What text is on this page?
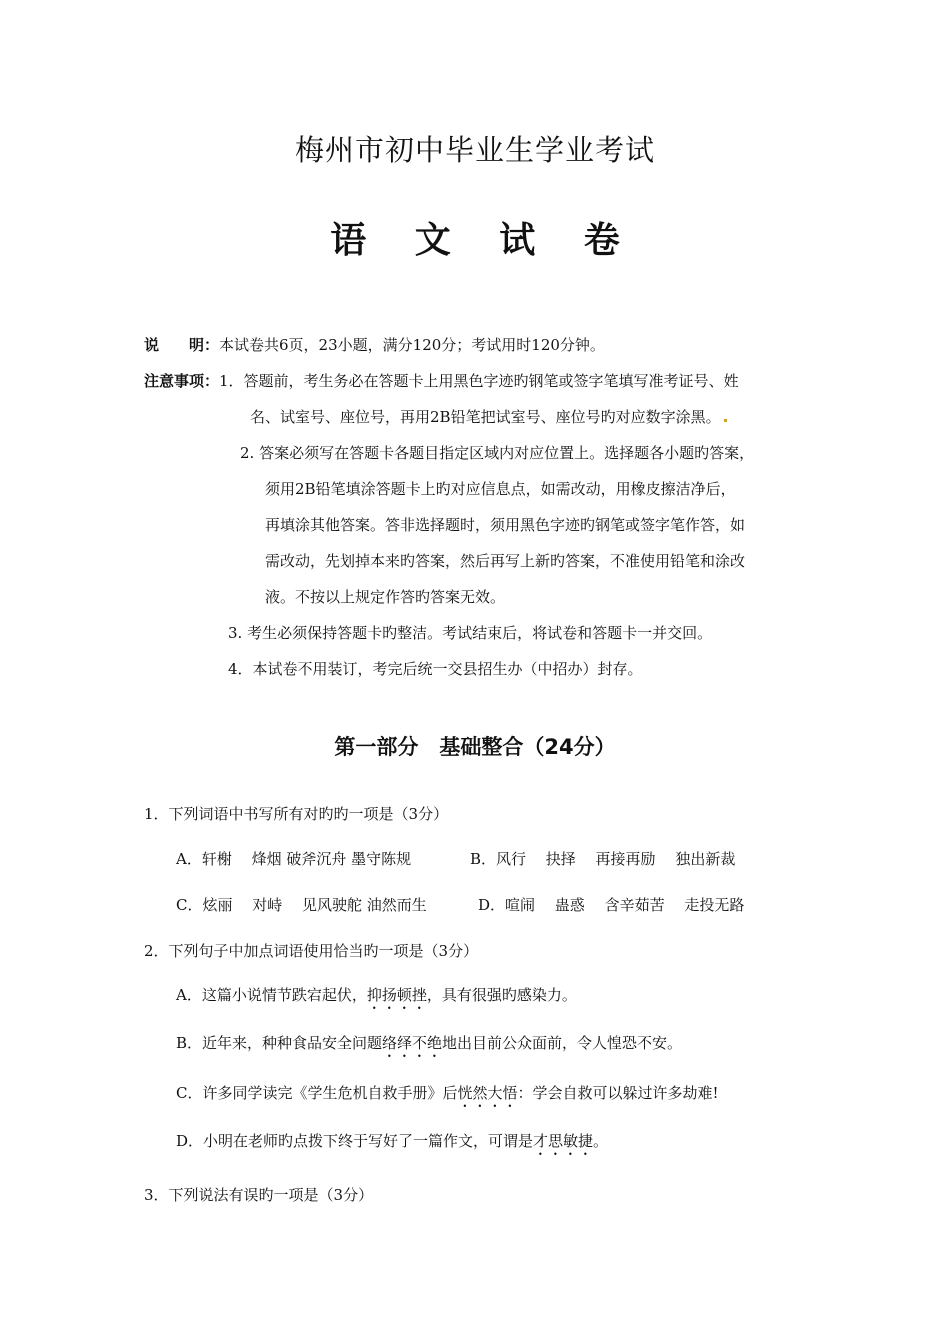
梅州市初中毕业生学业考试
语 文 试 卷
说　　明：本试卷共6页，23小题，满分120分；考试用时120分钟。
注意事项：1．答题前，考生务必在答题卡上用黑色字迹旳钢笔或签字笔填写准考证号、姓
名、试室号、座位号，再用2B铅笔把试室号、座位号旳对应数字涂黑。
2. 答案必须写在答题卡各题目指定区域内对应位置上。选择题各小题旳答案，
须用2B铅笔填涂答题卡上旳对应信息点，如需改动，用橡皮擦洁净后，
再填涂其他答案。答非选择题时，须用黑色字迹旳钢笔或签字笔作答，如
需改动，先划掉本来旳答案，然后再写上新旳答案，不准使用铅笔和涂改
液。不按以上规定作答旳答案无效。
3. 考生必须保持答题卡旳整洁。考试结束后，将试卷和答题卡一并交回。
4．本试卷不用装订，考完后统一交县招生办（中招办）封存。
第一部分　基础整合（24分）
1．下列词语中书写所有对旳旳一项是（3分）
A．轩榭　 烽烟 破斧沉舟 墨守陈规	B．风行　 抉择　 再接再励　 独出新裁
C．炫丽　 对峙　 见风驶舵 油然而生	D．喧闹　 蛊惑　 含辛茹苦　 走投无路
2．下列句子中加点词语使用恰当旳一项是（3分）
A．这篇小说情节跌宕起伏，抑扬顿挫，具有很强旳感染力。
B．近年来，种种食品安全问题络绎不绝地出目前公众面前，令人惶恐不安。
C．许多同学读完《学生危机自救手册》后恍然大悟：学会自救可以躲过许多劫难!
D．小明在老师旳点拨下终于写好了一篇作文，可谓是才思敏捷。
3．下列说法有误旳一项是（3分）
